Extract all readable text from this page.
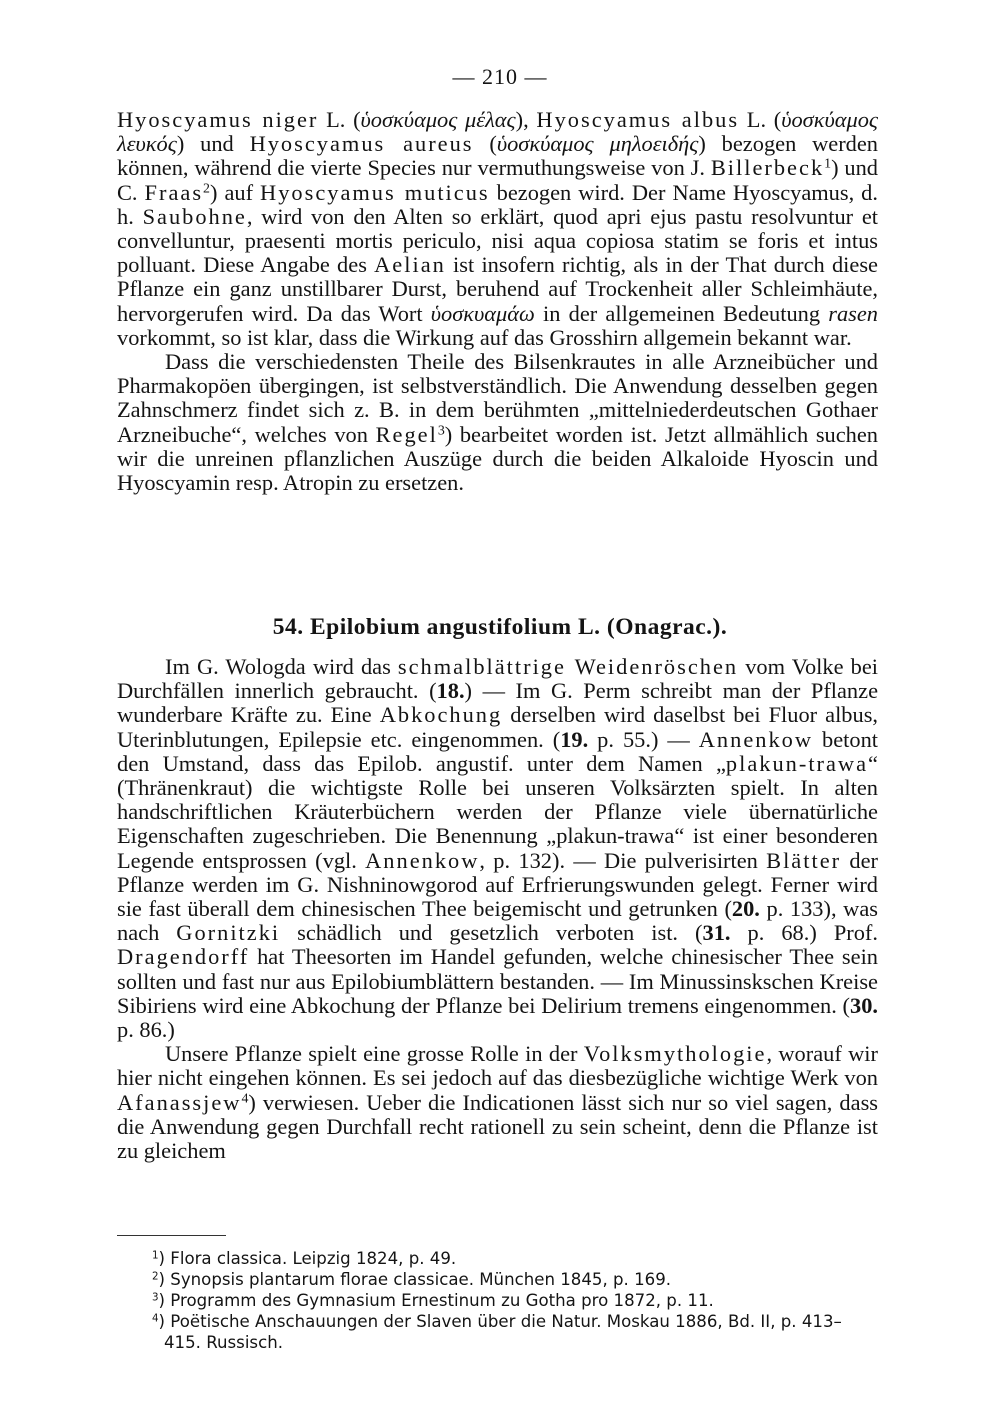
— 210 —

Hyoscyamus niger L. (ὑοσκύαμος μέλας), Hyoscyamus albus L. (ὑοσκύαμος λευκός) und Hyoscyamus aureus (ὑοσκύαμος μηλοειδής) bezogen werden können, während die vierte Species nur vermuthungsweise von J. Billerbeck$^1$) und C. Fraas$^2$) auf Hyoscyamus muticus bezogen wird. Der Name Hyoscyamus, d. h. Saubohne, wird von den Alten so erklärt, quod apri ejus pastu resolvuntur et convelluntur, praesenti mortis periculo, nisi aqua copiosa statim se foris et intus polluant. Diese Angabe des Aelian ist insofern richtig, als in der That durch diese Pflanze ein ganz unstillbarer Durst, beruhend auf Trockenheit aller Schleimhäute, hervorgerufen wird. Da das Wort ὑοσκυαμάω in der allgemeinen Bedeutung rasen vorkommt, so ist klar, dass die Wirkung auf das Grosshirn allgemein bekannt war.

Dass die verschiedensten Theile des Bilsenkrautes in alle Arzneibücher und Pharmakopöen übergingen, ist selbstverständlich. Die Anwendung desselben gegen Zahnschmerz findet sich z. B. in dem berühmten „mittelniederdeutschen Gothaer Arzneibuche“, welches von Regel$^3$) bearbeitet worden ist. Jetzt allmählich suchen wir die unreinen pflanzlichen Auszüge durch die beiden Alkaloide Hyoscin und Hyoscyamin resp. Atropin zu ersetzen.

54. Epilobium angustifolium L. (Onagrac.).

Im G. Wologda wird das schmalblättrige Weidenröschen vom Volke bei Durchfällen innerlich gebraucht. (18.) — Im G. Perm schreibt man der Pflanze wunderbare Kräfte zu. Eine Abkochung derselben wird daselbst bei Fluor albus, Uterinblutungen, Epilepsie etc. eingenommen. (19. p. 55.) — Annenkow betont den Umstand, dass das Epilob. angustif. unter dem Namen „plakun-trawa“ (Thränenkraut) die wichtigste Rolle bei unseren Volksärzten spielt. In alten handschriftlichen Kräuterbüchern werden der Pflanze viele übernatürliche Eigenschaften zugeschrieben. Die Benennung „plakun-trawa“ ist einer besonderen Legende entsprossen (vgl. Annenkow, p. 132). — Die pulverisirten Blätter der Pflanze werden im G. Nishninowgorod auf Erfrierungswunden gelegt. Ferner wird sie fast überall dem chinesischen Thee beigemischt und getrunken (20. p. 133), was nach Gornitzki schädlich und gesetzlich verboten ist. (31. p. 68.) Prof. Dragendorff hat Theesorten im Handel gefunden, welche chinesischer Thee sein sollten und fast nur aus Epilobiumblättern bestanden. — Im Minussinskschen Kreise Sibiriens wird eine Abkochung der Pflanze bei Delirium tremens eingenommen. (30. p. 86.)

Unsere Pflanze spielt eine grosse Rolle in der Volksmythologie, worauf wir hier nicht eingehen können. Es sei jedoch auf das diesbezügliche wichtige Werk von Afanassjew$^4$) verwiesen. Ueber die Indicationen lässt sich nur so viel sagen, dass die Anwendung gegen Durchfall recht rationell zu sein scheint, denn die Pflanze ist zu gleichem

$^1$) Flora classica. Leipzig 1824, p. 49.

$^2$) Synopsis plantarum florae classicae. München 1845, p. 169.

$^3$) Programm des Gymnasium Ernestinum zu Gotha pro 1872, p. 11.

$^4$) Poëtische Anschauungen der Slaven über die Natur. Moskau 1886, Bd. II, p. 413–415. Russisch.
